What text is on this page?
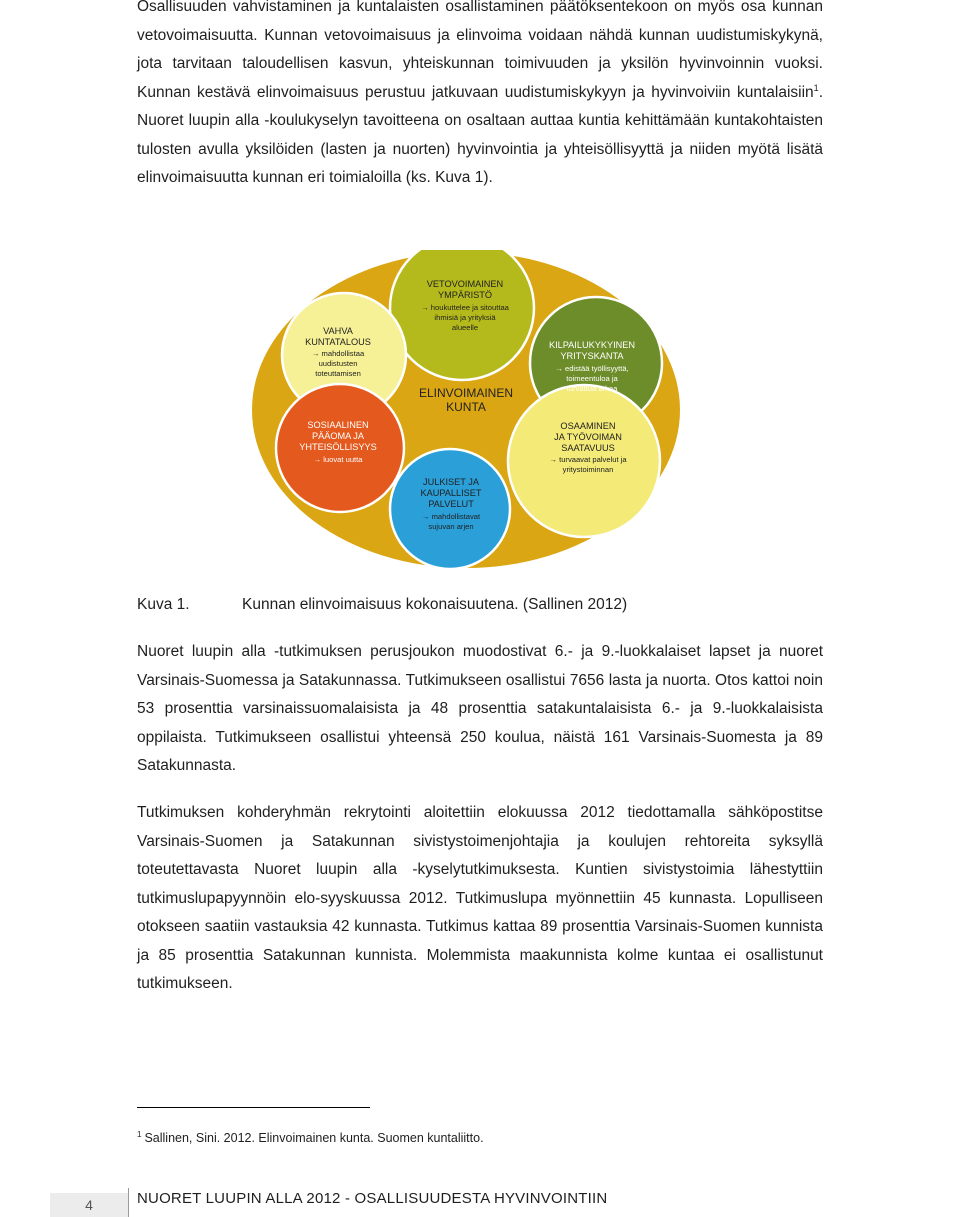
Osallisuuden vahvistaminen ja kuntalaisten osallistaminen päätöksentekoon on myös osa kunnan vetovoimaisuutta. Kunnan vetovoimaisuus ja elinvoima voidaan nähdä kunnan uudistumiskykynä, jota tarvitaan taloudellisen kasvun, yhteiskunnan toimivuuden ja yksilön hyvinvoinnin vuoksi. Kunnan kestävä elinvoimaisuus perustuu jatkuvaan uudistumiskykyyn ja hyvinvoiviin kuntalaisiin$^1$. Nuoret luupin alla -koulukyselyn tavoitteena on osaltaan auttaa kuntia kehittämään kuntakohtaisten tulosten avulla yksilöiden (lasten ja nuorten) hyvinvointia ja yhteisöllisyyttä ja niiden myötä lisätä elinvoimaisuutta kunnan eri toimialoilla (ks. Kuva 1).

ELINVOIMAINEN
KUNTA
VETOVOIMAINEN
YMPÄRISTÖ
→ houkuttelee ja sitouttaa
ihmisiä ja yrityksiä
alueelle
VAHVA
KUNTATALOUS
→ mahdollistaa
uudistusten
toteuttamisen
KILPAILUKYKYINEN
YRITYSKANTA
→ edistää työllisyyttä,
toimeentuloa ja
turvattua arkea
SOSIAALINEN
PÄÄOMA JA
YHTEISÖLLISYYS
→ luovat uutta
OSAAMINEN
JA TYÖVOIMAN
SAATAVUUS
→ turvaavat palvelut ja
yritystoiminnan
JULKISET JA
KAUPALLISET
PALVELUT
→ mahdollistavat
sujuvan arjen
Kuva 1.	Kunnan elinvoimaisuus kokonaisuutena. (Sallinen 2012)

Nuoret luupin alla -tutkimuksen perusjoukon muodostivat 6.- ja 9.-luokkalaiset lapset ja nuoret Varsinais-Suomessa ja Satakunnassa. Tutkimukseen osallistui 7656 lasta ja nuorta. Otos kattoi noin 53 prosenttia varsinaissuomalaisista ja 48 prosenttia satakuntalaisista 6.- ja 9.-luokkalaisista oppilaista. Tutkimukseen osallistui yhteensä 250 koulua, näistä 161 Varsinais-Suomesta ja 89 Satakunnasta.

Tutkimuksen kohderyhmän rekrytointi aloitettiin elokuussa 2012 tiedottamalla sähköpostitse Varsinais-Suomen ja Satakunnan sivistystoimenjohtajia ja koulujen rehtoreita syksyllä toteutettavasta Nuoret luupin alla -kyselytutkimuksesta. Kuntien sivistystoimia lähestyttiin tutkimuslupapyynnöin elo-syyskuussa 2012. Tutkimuslupa myönnettiin 45 kunnasta. Lopulliseen otokseen saatiin vastauksia 42 kunnasta. Tutkimus kattaa 89 prosenttia Varsinais-Suomen kunnista ja 85 prosenttia Satakunnan kunnista. Molemmista maakunnista kolme kuntaa ei osallistunut tutkimukseen.

$^1$ Sallinen, Sini. 2012. Elinvoimainen kunta. Suomen kuntaliitto.
4	NUORET LUUPIN ALLA 2012 - OSALLISUUDESTA HYVINVOINTIIN
